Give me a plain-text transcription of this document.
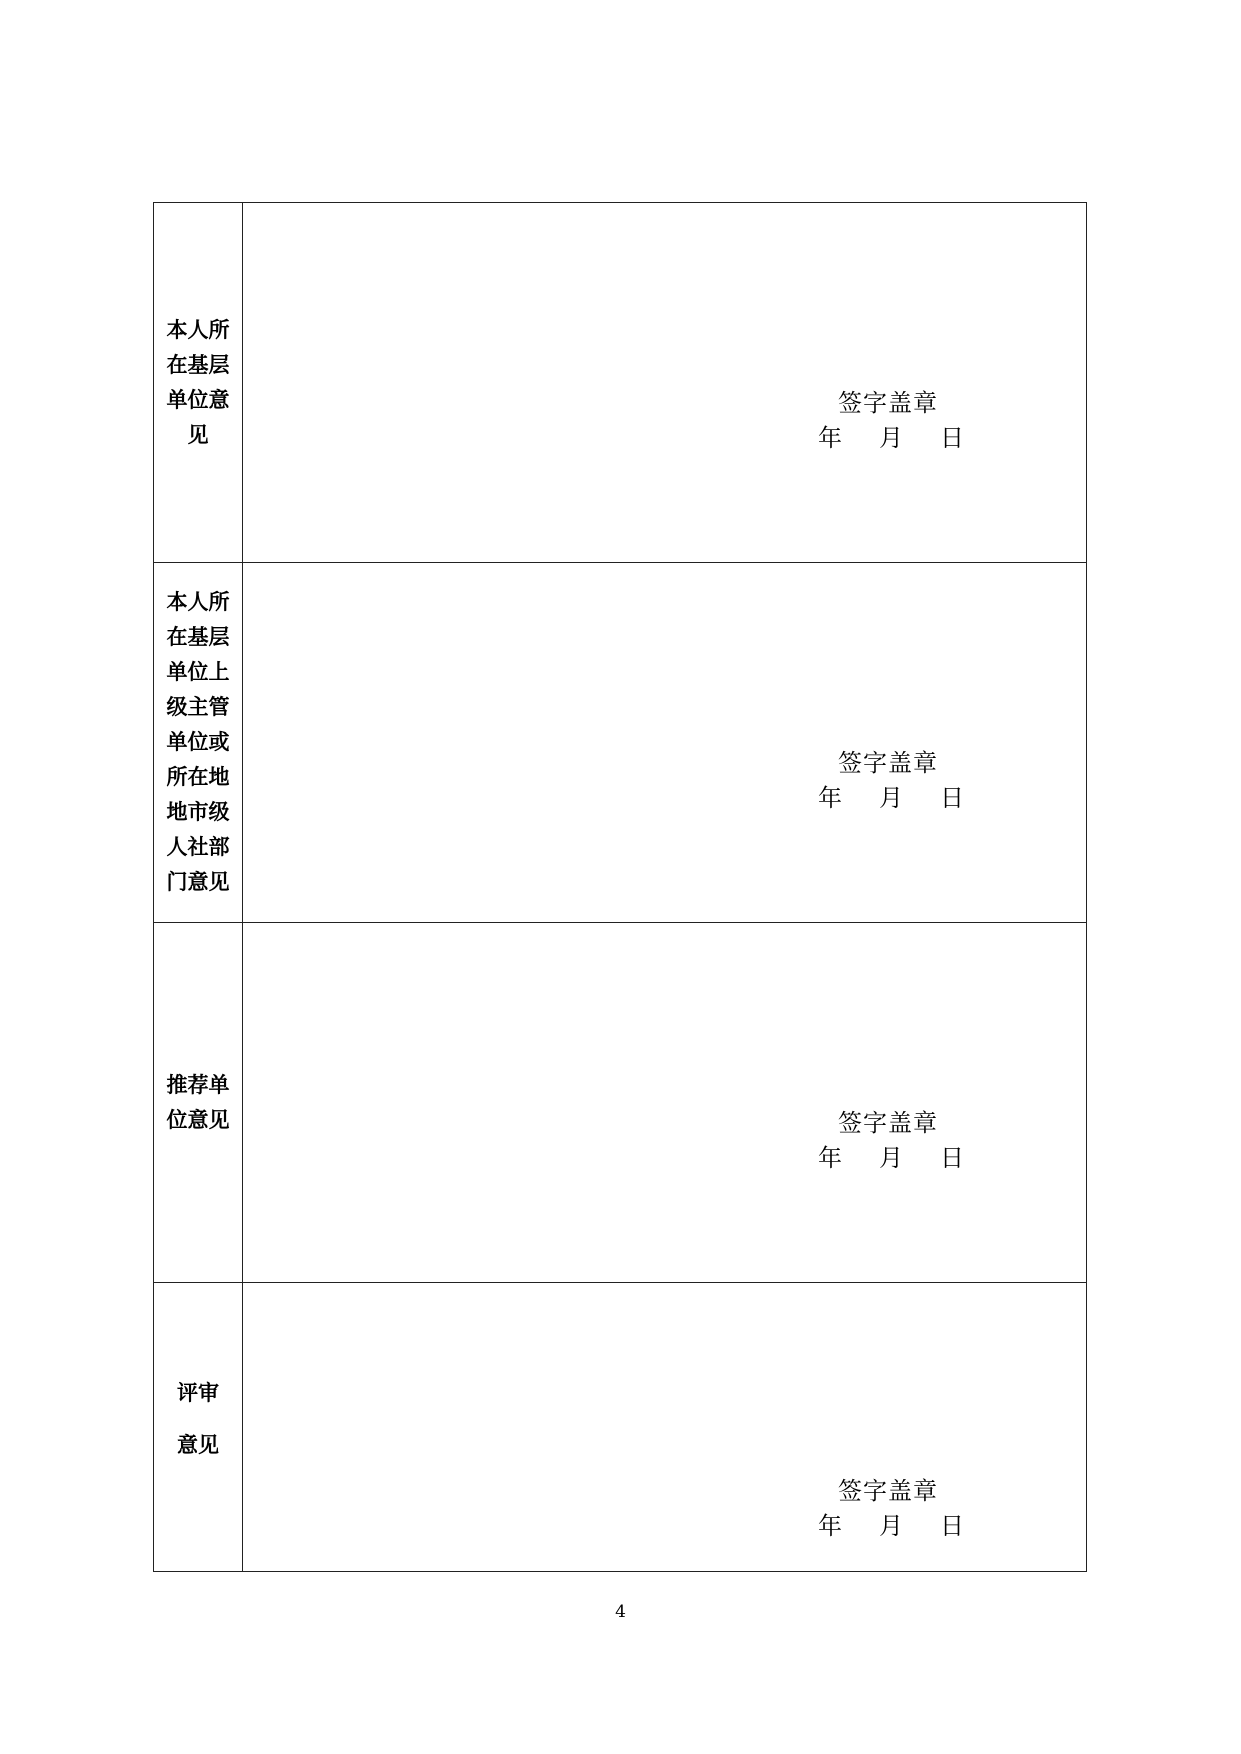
本人所在基层单位意见
签字盖章
年 月 日
本人所在基层单位上级主管单位或所在地地市级人社部门意见
签字盖章
年 月 日
推荐单位意见	签字盖章
年 月 日
评审
意见
签字盖章
年 月 日
4
